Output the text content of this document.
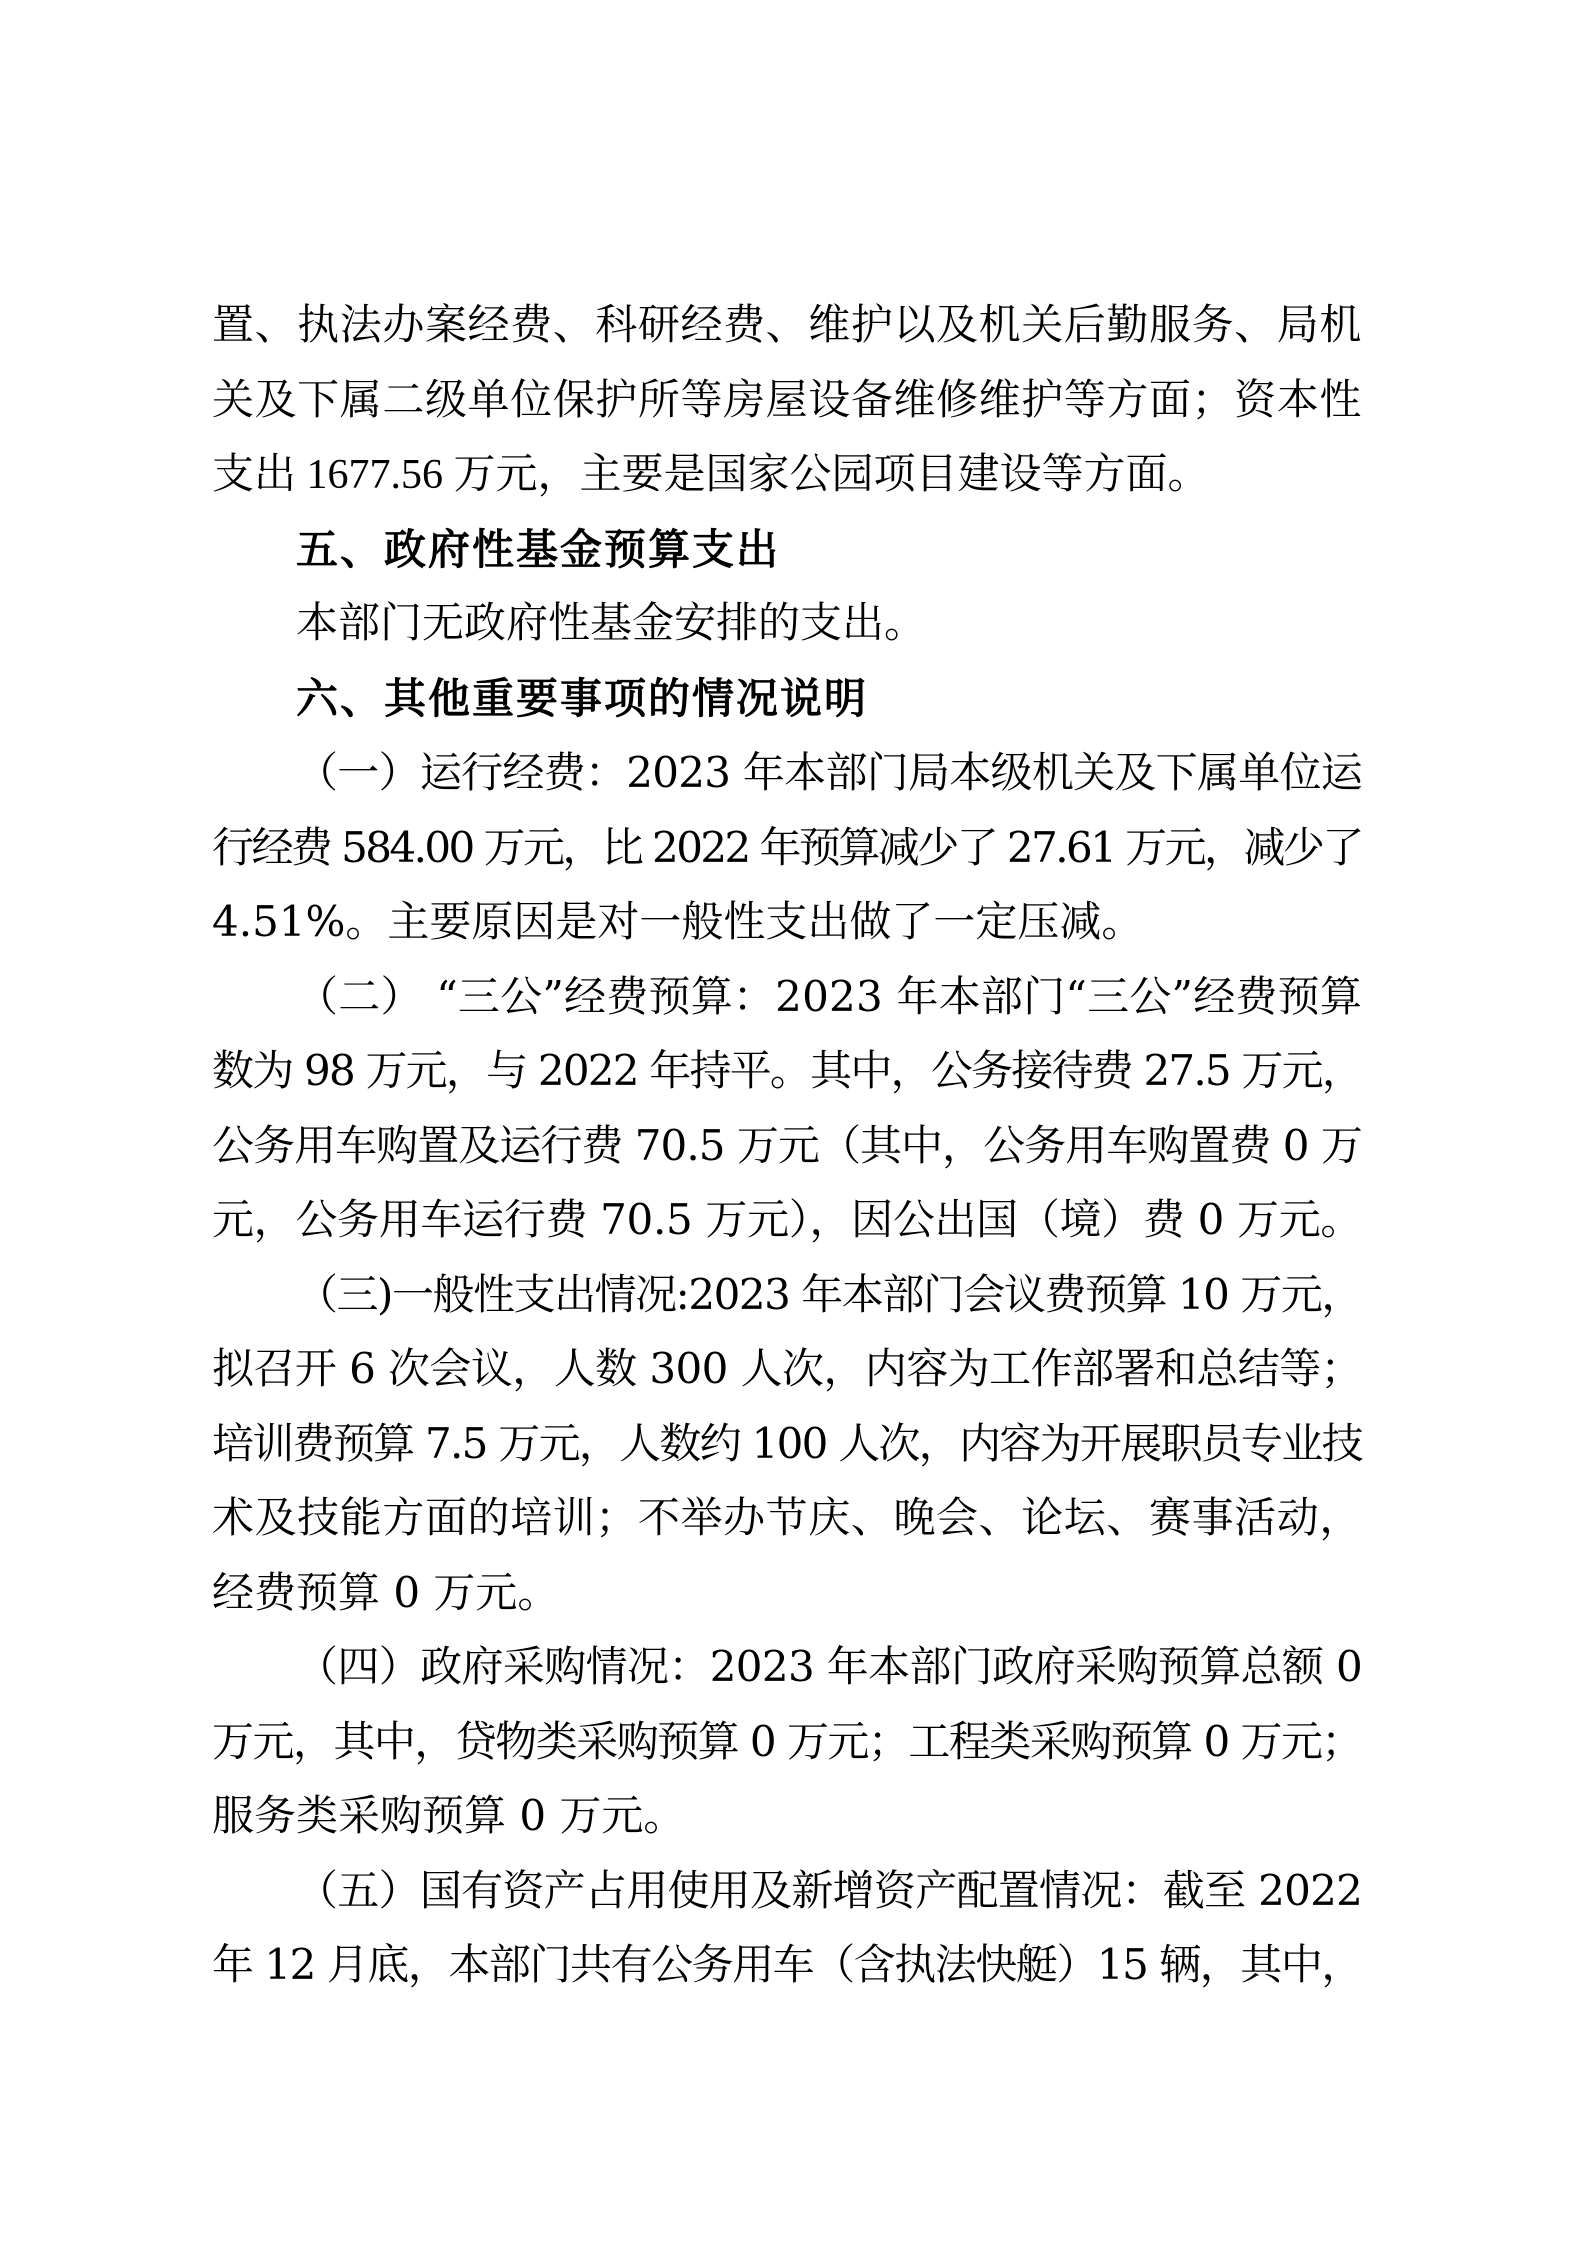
置、执法办案经费、科研经费、维护以及机关后勤服务、局机
关及下属二级单位保护所等房屋设备维修维护等方面；资本性
支出 1677.56 万元，主要是国家公园项目建设等方面。
五、政府性基金预算支出
本部门无政府性基金安排的支出。
六、其他重要事项的情况说明
（一）运行经费：2023 年本部门局本级机关及下属单位运
行经费 584.00 万元，比 2022 年预算减少了 27.61 万元，减少了
4.51%。主要原因是对一般性支出做了一定压减。
（二） “三公”经费预算：2023 年本部门“三公”经费预算
数为 98 万元，与 2022 年持平。其中，公务接待费 27.5 万元，
公务用车购置及运行费 70.5 万元（其中，公务用车购置费 0 万
元，公务用车运行费 70.5 万元），因公出国（境）费 0 万元。
（三)一般性支出情况:2023 年本部门会议费预算 10 万元，
拟召开 6 次会议，人数 300 人次，内容为工作部署和总结等；
培训费预算 7.5 万元，人数约 100 人次，内容为开展职员专业技
术及技能方面的培训；不举办节庆、晚会、论坛、赛事活动，
经费预算 0 万元。
（四）政府采购情况：2023 年本部门政府采购预算总额 0
万元，其中，贷物类采购预算 0 万元；工程类采购预算 0 万元；
服务类采购预算 0 万元。
（五）国有资产占用使用及新增资产配置情况：截至 2022
年 12 月底，本部门共有公务用车（含执法快艇）15 辆，其中，
